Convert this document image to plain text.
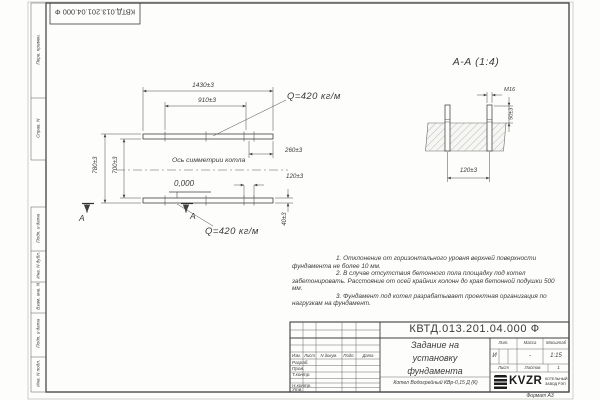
КВТД.013.201.04.000 Ф
Перв. примен.
Справ. N
Подп. и дата
Инв. N дубл.
Взам. инв. N
Подп. и дата
Инв. N подл.
1430±3
910±3
780±3 700±3
260±3
120±3
40±3
Q=420 кг/м
Q=420 кг/м
Ось симметрии котла
0,000
А	А
А-А (1:4)
М16
50±3
120±3

1. Отклонение от горизонтального уровня верхней поверхности фундамента не более 10 мм.

2. В случае отсутствия бетонного пола площадку под котел забетонировать. Расстояние от осей крайних колонн до края бетонной подушки 500 мм.

3. Фундамент под котел разрабатывает проектная организация по нагрузкам на фундамент.

КВТД.013.201.04.000 Ф
Изм. Лист	N докум.	Подп.	Дата
Разраб.
Пров.
Т.контр.
Н.контр.
Утв.
Задание на
установку
фундамента
Котел Водогрейный КВр-0,15 Д (К)
Лит.	Масса	Масштаб
И	-	1:15
Лист	Листов	1
KVZR КОТЕЛЬНЫЙ
ЗАВОД РЭП
Формат А3
